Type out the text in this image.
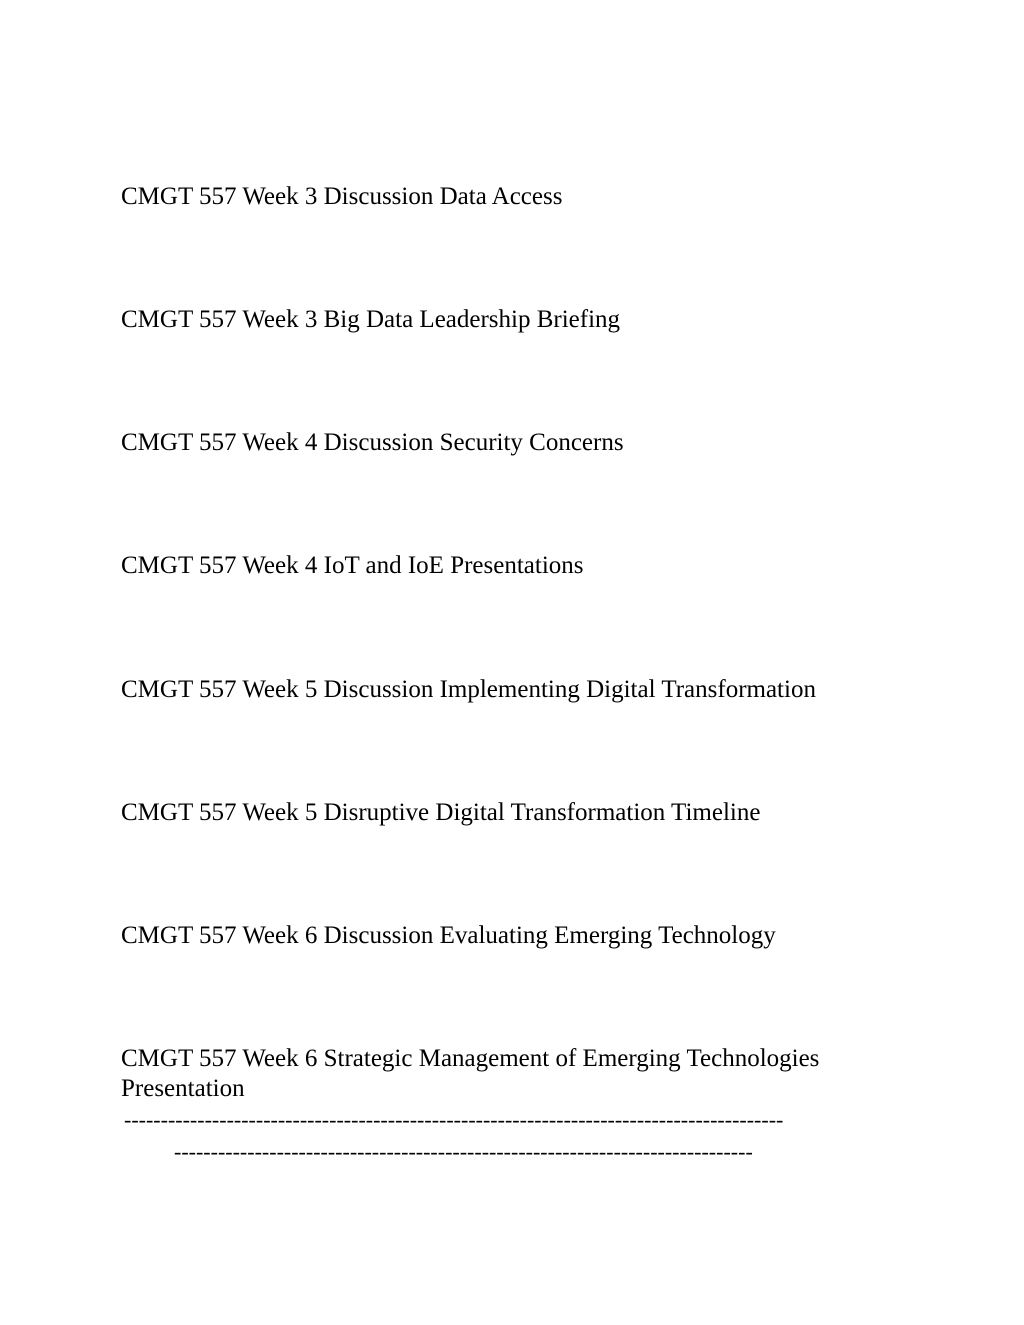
CMGT 557 Week 3 Discussion Data Access
CMGT 557 Week 3 Big Data Leadership Briefing
CMGT 557 Week 4 Discussion Security Concerns
CMGT 557 Week 4 IoT and IoE Presentations
CMGT 557 Week 5 Discussion Implementing Digital Transformation
CMGT 557 Week 5 Disruptive Digital Transformation Timeline
CMGT 557 Week 6 Discussion Evaluating Emerging Technology
CMGT 557 Week 6 Strategic Management of Emerging Technologies Presentation
------------------------------------------------------------------------------------------
-------------------------------------------------------------------------------
